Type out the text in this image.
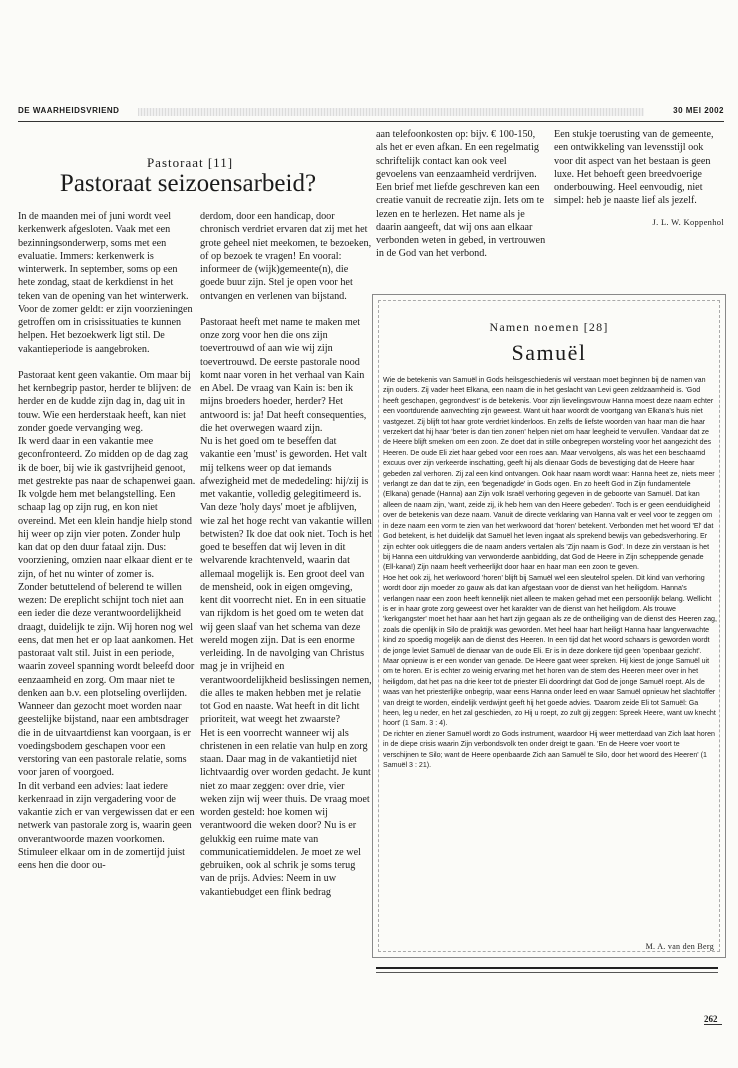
DE WAARHEIDSVRIEND	30 MEI 2002
Pastoraat [11]
Pastoraat seizoensarbeid?

In de maanden mei of juni wordt veel kerkenwerk afgesloten. Vaak met een bezinningsonderwerp, soms met een evaluatie. Immers: kerkenwerk is winterwerk. In september, soms op een hete zondag, staat de kerkdienst in het teken van de opening van het winterwerk. Voor de zomer geldt: er zijn voorzieningen getroffen om in crisissituaties te kunnen helpen. Het bezoekwerk ligt stil. De vakantieperiode is aangebroken.

Pastoraat kent geen vakantie. Om maar bij het kernbegrip pastor, herder te blijven: de herder en de kudde zijn dag in, dag uit in touw. Wie een herderstaak heeft, kan niet zonder goede vervanging weg.

Ik werd daar in een vakantie mee geconfronteerd. Zo midden op de dag zag ik de boer, bij wie ik gastvrijheid genoot, met gestrekte pas naar de schapenwei gaan. Ik volgde hem met belangstelling. Een schaap lag op zijn rug, en kon niet overeind. Met een klein handje hielp stond hij weer op zijn vier poten. Zonder hulp kan dat op den duur fataal zijn. Dus: voorziening, omzien naar elkaar dient er te zijn, of het nu winter of zomer is.

Zonder betuttelend of belerend te willen wezen: De ereplicht schijnt toch niet aan een ieder die deze verantwoordelijkheid draagt, duidelijk te zijn. Wij horen nog wel eens, dat men het er op laat aankomen. Het pastoraat valt stil. Juist in een periode, waarin zoveel spanning wordt beleefd door eenzaamheid en zorg. Om maar niet te denken aan b.v. een plotseling overlijden. Wanneer dan gezocht moet worden naar geestelijke bijstand, naar een ambtsdrager die in de uitvaartdienst kan voorgaan, is er voedingsbodem geschapen voor een verstoring van een pastorale relatie, soms voor jaren of voorgoed.

In dit verband een advies: laat iedere kerkenraad in zijn vergadering voor de vakantie zich er van vergewissen dat er een netwerk van pastorale zorg is, waarin geen onverantwoorde mazen voorkomen. Stimuleer elkaar om in de zomertijd juist eens hen die door ou-

derdom, door een handicap, door chronisch verdriet ervaren dat zij met het grote geheel niet meekomen, te bezoeken, of op bezoek te vragen! En vooral: informeer de (wijk)gemeente(n), die goede buur zijn. Stel je open voor het ontvangen en verlenen van bijstand.

Pastoraat heeft met name te maken met onze zorg voor hen die ons zijn toevertrouwd of aan wie wij zijn toevertrouwd. De eerste pastorale nood komt naar voren in het verhaal van Kain en Abel. De vraag van Kain is: ben ik mijns broeders hoeder, herder? Het antwoord is: ja! Dat heeft consequenties, die het overwegen waard zijn.

Nu is het goed om te beseffen dat vakantie een 'must' is geworden. Het valt mij telkens weer op dat iemands afwezigheid met de mededeling: hij/zij is met vakantie, volledig gelegitimeerd is. Van deze 'holy days' moet je afblijven, wie zal het hoge recht van vakantie willen betwisten? Ik doe dat ook niet. Toch is het goed te beseffen dat wij leven in dit welvarende krachtenveld, waarin dat allemaal mogelijk is. Een groot deel van de mensheid, ook in eigen omgeving, kent dit voorrecht niet. En in een situatie van rijkdom is het goed om te weten dat wij geen slaaf van het schema van deze wereld mogen zijn. Dat is een enorme verleiding. In de navolging van Christus mag je in vrijheid en verantwoordelijkheid beslissingen nemen, die alles te maken hebben met je relatie tot God en naaste. Wat heeft in dit licht prioriteit, wat weegt het zwaarste?

Het is een voorrecht wanneer wij als christenen in een relatie van hulp en zorg staan. Daar mag in de vakantietijd niet lichtvaardig over worden gedacht. Je kunt niet zo maar zeggen: over drie, vier weken zijn wij weer thuis. De vraag moet worden gesteld: hoe komen wij verantwoord die weken door? Nu is er gelukkig een ruime mate van communicatiemiddelen. Je moet ze wel gebruiken, ook al schrik je soms terug van de prijs. Advies: Neem in uw vakantiebudget een flink bedrag

aan telefoonkosten op: bijv. € 100-150, als het er even afkan. En een regelmatig schriftelijk contact kan ook veel gevoelens van eenzaamheid verdrijven. Een brief met liefde geschreven kan een creatie vanuit de recreatie zijn. Iets om te lezen en te herlezen. Het name als je daarin aangeeft, dat wij ons aan elkaar verbonden weten in gebed, in vertrouwen in de God van het verbond.

Een stukje toerusting van de gemeente, een ontwikkeling van levensstijl ook voor dit aspect van het bestaan is geen luxe. Het behoeft geen breedvoerige onderbouwing. Heel eenvoudig, niet simpel: heb je naaste lief als jezelf.

J. L. W. Koppenhol

Namen noemen [28]
Samuël

Wie de betekenis van Samuël in Gods heilsgeschiedenis wil verstaan moet beginnen bij de namen van zijn ouders. Zij vader heet Elkana, een naam die in het geslacht van Levi geen zeldzaamheid is. 'God heeft geschapen, gegrondvest' is de betekenis. Voor zijn lievelingsvrouw Hanna moest deze naam echter een voortdurende aanvechting zijn geweest. Want uit haar woordt de voortgang van Elkana's huis niet vastgezet. Zij blijft tot haar grote verdriet kinderloos. En zelfs de liefste woorden van haar man die haar verzekert dat hij haar 'beter is dan tien zonen' helpen niet om haar leegheid te vervullen. Vandaar dat ze de Heere blijft smeken om een zoon. Ze doet dat in stille onbegrepen worsteling voor het aangezicht des Heeren. De oude Eli ziet haar gebed voor een roes aan. Maar vervolgens, als was het een beschaamd excuus over zijn verkeerde inschatting, geeft hij als dienaar Gods de bevestiging dat de Heere haar gebeden zal verhoren. Zij zal een kind ontvangen. Ook haar naam wordt waar: Hanna heet ze, niets meer verlangt ze dan dat te zijn, een 'begenadigde' in Gods ogen. En zo heeft God in Zijn fundamentele (Elkana) genade (Hanna) aan Zijn volk Israël verhoring gegeven in de geboorte van Samuël. Dat kan alleen de naam zijn, 'want, zeide zij, ik heb hem van den Heere gebeden'. Toch is er geen eenduidigheid over de betekenis van deze naam. Vanuit de directe verklaring van Hanna valt er veel voor te zeggen om in deze naam een vorm te zien van het werkwoord dat 'horen' betekent. Verbonden met het woord 'El' dat God betekent, is het duidelijk dat Samuël het leven ingaat als sprekend bewijs van gebedsverhoring. Er zijn echter ook uitleggers die de naam anders vertalen als 'Zijn naam is God'. In deze zin verstaan is het bij Hanna een uitdrukking van verwonderde aanbidding, dat God de Heere in Zijn scheppende genade (Ell-kana!) Zijn naam heeft verheerlijkt door haar en haar man een zoon te geven.

Hoe het ook zij, het werkwoord 'horen' blijft bij Samuël wel een sleutelrol spelen. Dit kind van verhoring wordt door zijn moeder zo gauw als dat kan afgestaan voor de dienst van het heiligdom. Hanna's verlangen naar een zoon heeft kennelijk niet alleen te maken gehad met een persoonlijk belang. Wellicht is er in haar grote zorg geweest over het karakter van de dienst van het heiligdom. Als trouwe 'kerkgangster' moet het haar aan het hart zijn gegaan als ze de ontheiliging van de dienst des Heeren zag, zoals die openlijk in Silo de praktijk was geworden. Met heel haar hart heiligt Hanna haar langverwachte kind zo spoedig mogelijk aan de dienst des Heeren. In een tijd dat het woord schaars is geworden wordt de jonge leviet Samuël de dienaar van de oude Eli. Er is in deze donkere tijd geen 'openbaar gezicht'. Maar opnieuw is er een wonder van genade. De Heere gaat weer spreken. Hij kiest de jonge Samuël uit om te horen. Er is echter zo weinig ervaring met het horen van de stem des Heeren meer over in het heiligdom, dat het pas na drie keer tot de priester Eli doordringt dat God de jonge Samuël roept. Als de waas van het priesterlijke onbegrip, waar eens Hanna onder leed en waar Samuël opnieuw het slachtoffer van dreigt te worden, eindelijk verdwijnt geeft hij het goede advies. 'Daarom zeide Eli tot Samuël: Ga heen, leg u neder, en het zal geschieden, zo Hij u roept, zo zult gij zeggen: Spreek Heere, want uw knecht hoort' (1 Sam. 3 : 4).

De richter en ziener Samuël wordt zo Gods instrument, waardoor Hij weer metterdaad van Zich laat horen in de diepe crisis waarin Zijn verbondsvolk ten onder dreigt te gaan. 'En de Heere voer voort te verschijnen te Silo; want de Heere openbaarde Zich aan Samuël te Silo, door het woord des Heeren' (1 Samuël 3 : 21).

M. A. van den Berg
262
